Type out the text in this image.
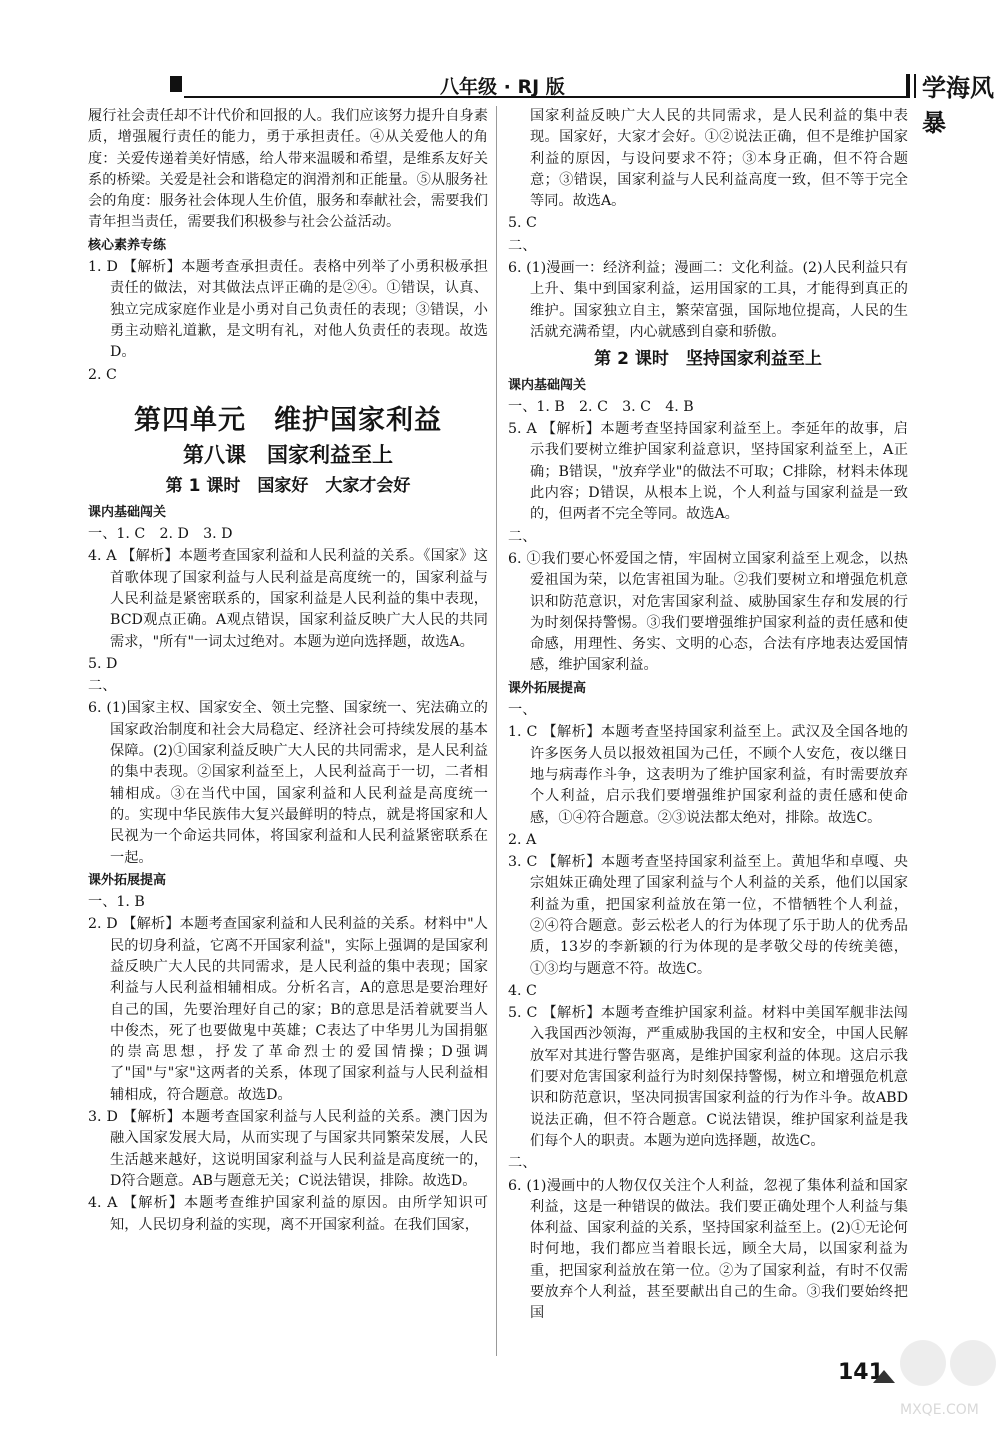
八年级 · RJ 版	学海风暴

履行社会责任却不计代价和回报的人。我们应该努力提升自身素质，增强履行责任的能力，勇于承担责任。④从关爱他人的角度：关爱传递着美好情感，给人带来温暖和希望，是维系友好关系的桥梁。关爱是社会和谐稳定的润滑剂和正能量。⑤从服务社会的角度：服务社会体现人生价值，服务和奉献社会，需要我们青年担当责任，需要我们积极参与社会公益活动。

核心素养专练

1. D 【解析】本题考查承担责任。表格中列举了小勇积极承担责任的做法，对其做法点评正确的是②④。①错误，认真、独立完成家庭作业是小勇对自己负责任的表现；③错误，小勇主动赔礼道歉，是文明有礼，对他人负责任的表现。故选D。

2. C

第四单元　维护国家利益
第八课　国家利益至上
第 1 课时　国家好　大家才会好
课内基础闯关

一、1. C　2. D　3. D

4. A 【解析】本题考查国家利益和人民利益的关系。《国家》这首歌体现了国家利益与人民利益是高度统一的，国家利益与人民利益是紧密联系的，国家利益是人民利益的集中表现，BCD观点正确。A观点错误，国家利益反映广大人民的共同需求，"所有"一词太过绝对。本题为逆向选择题，故选A。

5. D

二、

6. (1)国家主权、国家安全、领土完整、国家统一、宪法确立的国家政治制度和社会大局稳定、经济社会可持续发展的基本保障。(2)①国家利益反映广大人民的共同需求，是人民利益的集中表现。②国家利益至上，人民利益高于一切，二者相辅相成。③在当代中国，国家利益和人民利益是高度统一的。实现中华民族伟大复兴最鲜明的特点，就是将国家和人民视为一个命运共同体，将国家利益和人民利益紧密联系在一起。

课外拓展提高

一、1. B

2. D 【解析】本题考查国家利益和人民利益的关系。材料中"人民的切身利益，它离不开国家利益"，实际上强调的是国家利益反映广大人民的共同需求，是人民利益的集中表现；国家利益与人民利益相辅相成。分析名言，A的意思是要治理好自己的国，先要治理好自己的家；B的意思是活着就要当人中俊杰，死了也要做鬼中英雄；C表达了中华男儿为国捐躯的崇高思想，抒发了革命烈士的爱国情操；D强调了"国"与"家"这两者的关系，体现了国家利益与人民利益相辅相成，符合题意。故选D。

3. D 【解析】本题考查国家利益与人民利益的关系。澳门因为融入国家发展大局，从而实现了与国家共同繁荣发展，人民生活越来越好，这说明国家利益与人民利益是高度统一的，D符合题意。AB与题意无关；C说法错误，排除。故选D。

4. A 【解析】本题考查维护国家利益的原因。由所学知识可知，人民切身利益的实现，离不开国家利益。在我们国家，

国家利益反映广大人民的共同需求，是人民利益的集中表现。国家好，大家才会好。①②说法正确，但不是维护国家利益的原因，与设问要求不符；③本身正确，但不符合题意；③错误，国家利益与人民利益高度一致，但不等于完全等同。故选A。

5. C

二、

6. (1)漫画一：经济利益；漫画二：文化利益。(2)人民利益只有上升、集中到国家利益，运用国家的工具，才能得到真正的维护。国家独立自主，繁荣富强，国际地位提高，人民的生活就充满希望，内心就感到自豪和骄傲。

第 2 课时　坚持国家利益至上
课内基础闯关

一、1. B　2. C　3. C　4. B

5. A 【解析】本题考查坚持国家利益至上。李延年的故事，启示我们要树立维护国家利益意识，坚持国家利益至上，A正确；B错误，"放弃学业"的做法不可取；C排除，材料未体现此内容；D错误，从根本上说，个人利益与国家利益是一致的，但两者不完全等同。故选A。

二、

6. ①我们要心怀爱国之情，牢固树立国家利益至上观念，以热爱祖国为荣，以危害祖国为耻。②我们要树立和增强危机意识和防范意识，对危害国家利益、威胁国家生存和发展的行为时刻保持警惕。③我们要增强维护国家利益的责任感和使命感，用理性、务实、文明的心态，合法有序地表达爱国情感，维护国家利益。

课外拓展提高

一、

1. C 【解析】本题考查坚持国家利益至上。武汉及全国各地的许多医务人员以报效祖国为己任，不顾个人安危，夜以继日地与病毒作斗争，这表明为了维护国家利益，有时需要放弃个人利益，启示我们要增强维护国家利益的责任感和使命感，①④符合题意。②③说法都太绝对，排除。故选C。

2. A

3. C 【解析】本题考查坚持国家利益至上。黄旭华和卓嘎、央宗姐妹正确处理了国家利益与个人利益的关系，他们以国家利益为重，把国家利益放在第一位，不惜牺牲个人利益，②④符合题意。彭云松老人的行为体现了乐于助人的优秀品质，13岁的李新颖的行为体现的是孝敬父母的传统美德，①③均与题意不符。故选C。

4. C

5. C 【解析】本题考查维护国家利益。材料中美国军舰非法闯入我国西沙领海，严重威胁我国的主权和安全，中国人民解放军对其进行警告驱离，是维护国家利益的体现。这启示我们要对危害国家利益行为时刻保持警惕，树立和增强危机意识和防范意识，坚决同损害国家利益的行为作斗争。故ABD说法正确，但不符合题意。C说法错误，维护国家利益是我们每个人的职责。本题为逆向选择题，故选C。

二、

6. (1)漫画中的人物仅仅关注个人利益，忽视了集体利益和国家利益，这是一种错误的做法。我们要正确处理个人利益与集体利益、国家利益的关系，坚持国家利益至上。(2)①无论何时何地，我们都应当着眼长远，顾全大局，以国家利益为重，把国家利益放在第一位。②为了国家利益，有时不仅需要放弃个人利益，甚至要献出自己的生命。③我们要始终把国

141
MXQE.COM
